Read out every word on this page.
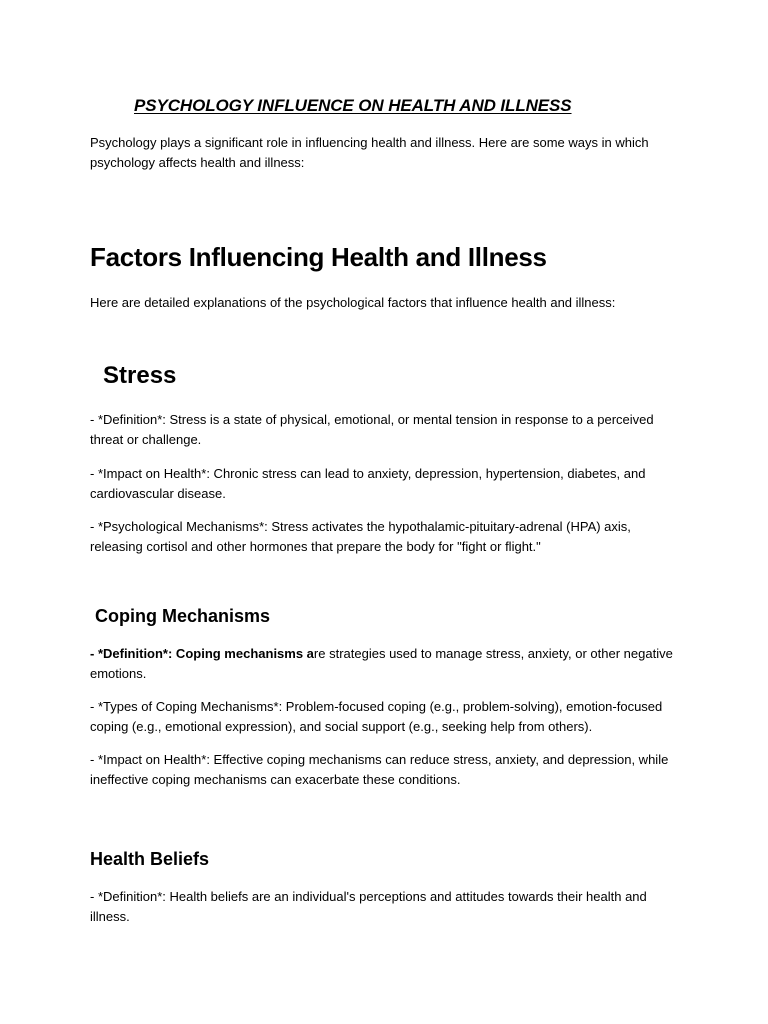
PSYCHOLOGY INFLUENCE ON HEALTH AND ILLNESS

Psychology plays a significant role in influencing health and illness. Here are some ways in which psychology affects health and illness:

Factors Influencing Health and Illness

Here are detailed explanations of the psychological factors that influence health and illness:

Stress

- *Definition*: Stress is a state of physical, emotional, or mental tension in response to a perceived threat or challenge.

- *Impact on Health*: Chronic stress can lead to anxiety, depression, hypertension, diabetes, and cardiovascular disease.

- *Psychological Mechanisms*: Stress activates the hypothalamic-pituitary-adrenal (HPA) axis, releasing cortisol and other hormones that prepare the body for "fight or flight."

Coping Mechanisms

- *Definition*: Coping mechanisms are strategies used to manage stress, anxiety, or other negative emotions.

- *Types of Coping Mechanisms*: Problem-focused coping (e.g., problem-solving), emotion-focused coping (e.g., emotional expression), and social support (e.g., seeking help from others).

- *Impact on Health*: Effective coping mechanisms can reduce stress, anxiety, and depression, while ineffective coping mechanisms can exacerbate these conditions.

Health Beliefs

- *Definition*: Health beliefs are an individual's perceptions and attitudes towards their health and illness.
